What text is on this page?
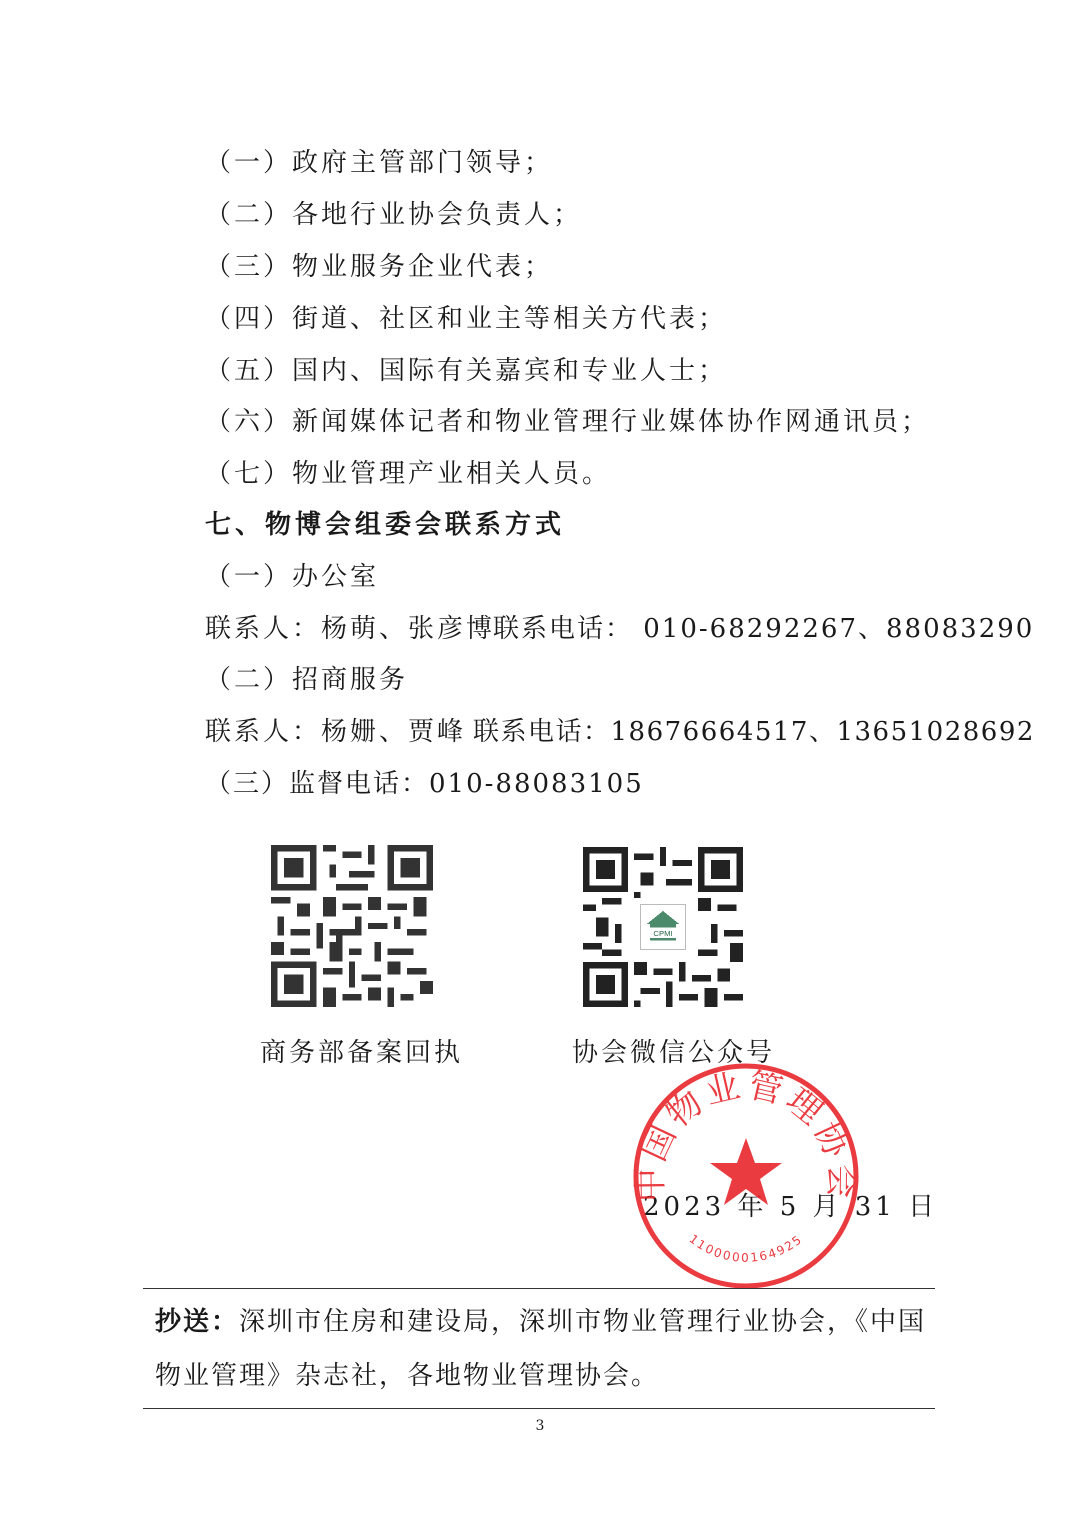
（一）政府主管部门领导；
（二）各地行业协会负责人；
（三）物业服务企业代表；
（四）街道、社区和业主等相关方代表；
（五）国内、国际有关嘉宾和专业人士；
（六）新闻媒体记者和物业管理行业媒体协作网通讯员；
（七）物业管理产业相关人员。
七、物博会组委会联系方式
（一）办公室
联系人：杨萌、张彦博
联系电话： 010-68292267、88083290
（二）招商服务
联系人：杨姗、贾峰 联系电话：18676664517、13651028692
（三）监督电话：010-88083105
商务部备案回执
CPMI
协会微信公众号
2023 年 5 月 31 日
中国物业管理协会
1100000164925
抄送：深圳市住房和建设局，深圳市物业管理行业协会，《中国
物业管理》杂志社，各地物业管理协会。
3
